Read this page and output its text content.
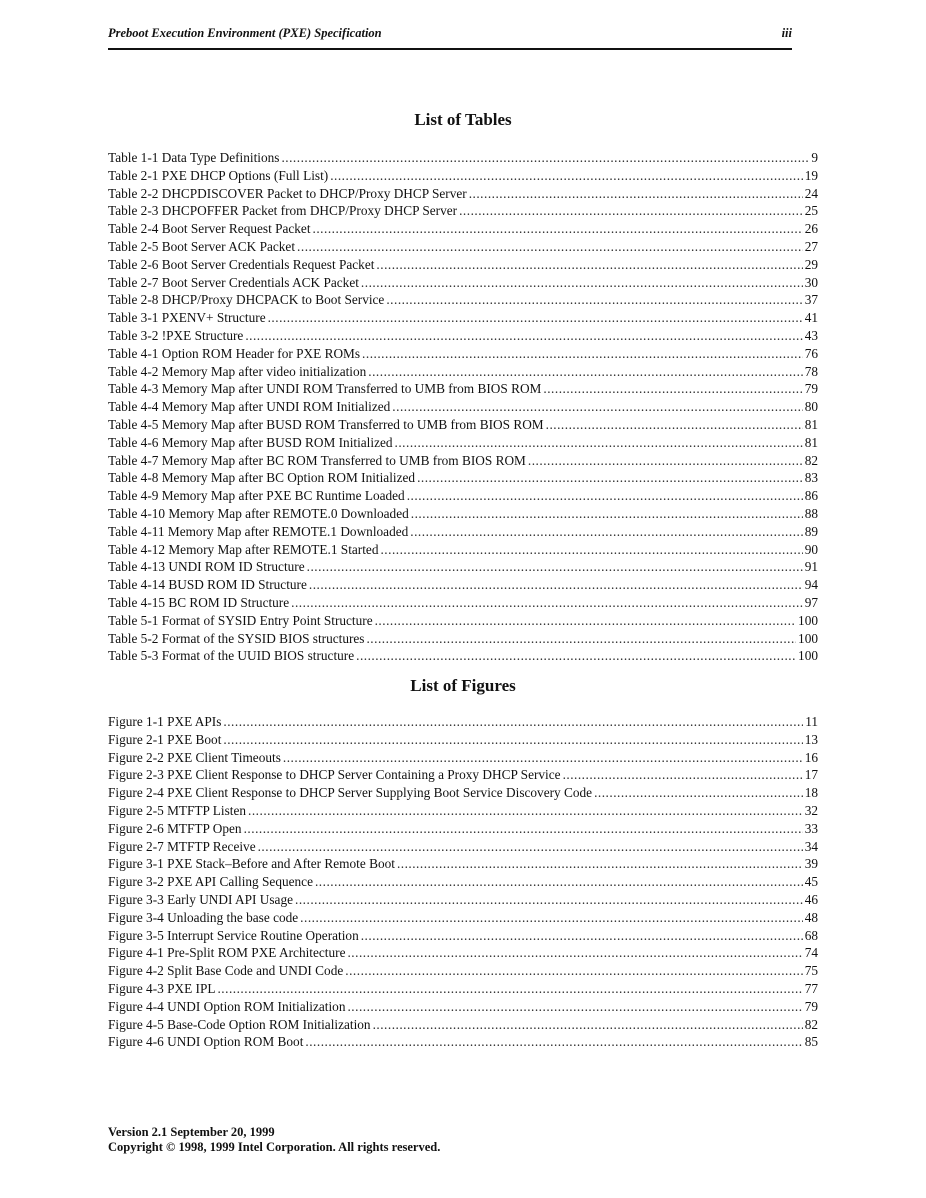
Preboot Execution Environment (PXE) Specification	iii
List of Tables
Table 1-1 Data Type Definitions .....	9
Table 2-1 PXE DHCP Options (Full List) .....	19
Table 2-2 DHCPDISCOVER Packet to DHCP/Proxy DHCP Server .....	24
Table 2-3 DHCPOFFER Packet from DHCP/Proxy DHCP Server .....	25
Table 2-4 Boot Server Request Packet .....	26
Table 2-5 Boot Server ACK Packet .....	27
Table 2-6 Boot Server Credentials Request Packet .....	29
Table 2-7 Boot Server Credentials ACK Packet .....	30
Table 2-8 DHCP/Proxy DHCPACK to Boot Service .....	37
Table 3-1 PXENV+ Structure .....	41
Table 3-2 !PXE Structure .....	43
Table 4-1 Option ROM Header for PXE ROMs .....	76
Table 4-2 Memory Map after video initialization .....	78
Table 4-3 Memory Map after UNDI ROM Transferred to UMB from BIOS ROM .....	79
Table 4-4 Memory Map after UNDI ROM Initialized .....	80
Table 4-5 Memory Map after BUSD ROM Transferred to UMB from BIOS ROM .....	81
Table 4-6 Memory Map after BUSD ROM Initialized .....	81
Table 4-7 Memory Map after BC ROM Transferred to UMB from BIOS ROM .....	82
Table 4-8 Memory Map after BC Option ROM Initialized .....	83
Table 4-9 Memory Map after PXE BC Runtime Loaded .....	86
Table 4-10 Memory Map after REMOTE.0 Downloaded .....	88
Table 4-11 Memory Map after REMOTE.1 Downloaded .....	89
Table 4-12 Memory Map after REMOTE.1 Started .....	90
Table 4-13 UNDI ROM ID Structure .....	91
Table 4-14 BUSD ROM ID Structure .....	94
Table 4-15 BC ROM ID Structure .....	97
Table 5-1 Format of SYSID Entry Point Structure .....	100
Table 5-2 Format of the SYSID BIOS structures .....	100
Table 5-3 Format of the UUID BIOS structure .....	100
List of Figures
Figure 1-1 PXE APIs .....	11
Figure 2-1 PXE Boot .....	13
Figure 2-2 PXE Client Timeouts .....	16
Figure 2-3 PXE Client Response to DHCP Server Containing a Proxy DHCP Service .....	17
Figure 2-4 PXE Client Response to DHCP Server Supplying Boot Service Discovery Code .....	18
Figure 2-5 MTFTP Listen .....	32
Figure 2-6 MTFTP Open .....	33
Figure 2-7 MTFTP Receive .....	34
Figure 3-1 PXE Stack–Before and After Remote Boot .....	39
Figure 3-2 PXE API Calling Sequence .....	45
Figure 3-3 Early UNDI API Usage .....	46
Figure 3-4 Unloading the base code .....	48
Figure 3-5 Interrupt Service Routine Operation .....	68
Figure 4-1 Pre-Split ROM PXE Architecture .....	74
Figure 4-2 Split Base Code and UNDI Code .....	75
Figure 4-3 PXE IPL .....	77
Figure 4-4 UNDI Option ROM Initialization .....	79
Figure 4-5 Base-Code Option ROM Initialization .....	82
Figure 4-6 UNDI Option ROM Boot .....	85
Version 2.1 September 20, 1999
Copyright © 1998, 1999 Intel Corporation. All rights reserved.
